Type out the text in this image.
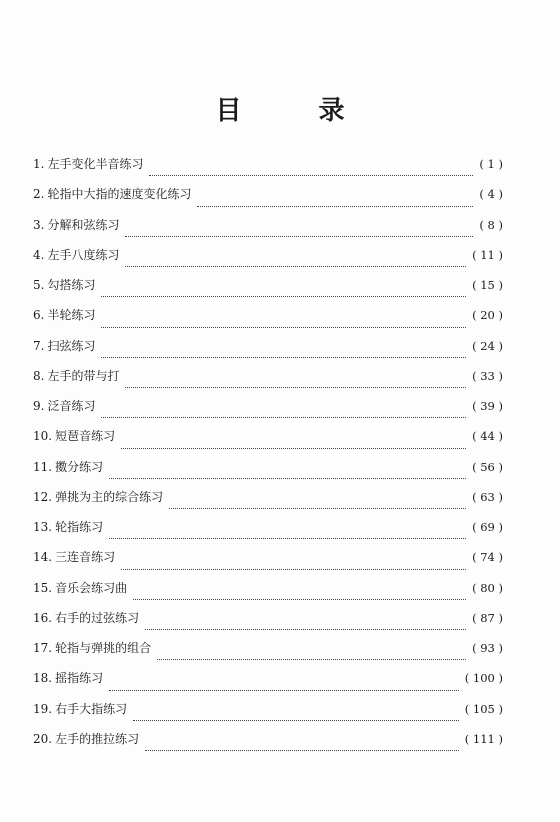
目 录
1. 左手变化半音练习	( 1 )
2. 轮指中大指的速度变化练习	( 4 )
3. 分解和弦练习	( 8 )
4. 左手八度练习	( 11 )
5. 勾搭练习	( 15 )
6. 半轮练习	( 20 )
7. 扫弦练习	( 24 )
8. 左手的带与打	( 33 )
9. 泛音练习	( 39 )
10. 短琶音练习	( 44 )
11. 擞分练习	( 56 )
12. 弹挑为主的综合练习	( 63 )
13. 轮指练习	( 69 )
14. 三连音练习	( 74 )
15. 音乐会练习曲	( 80 )
16. 右手的过弦练习	( 87 )
17. 轮指与弹挑的组合	( 93 )
18. 摇指练习	( 100 )
19. 右手大指练习	( 105 )
20. 左手的推拉练习	( 111 )
